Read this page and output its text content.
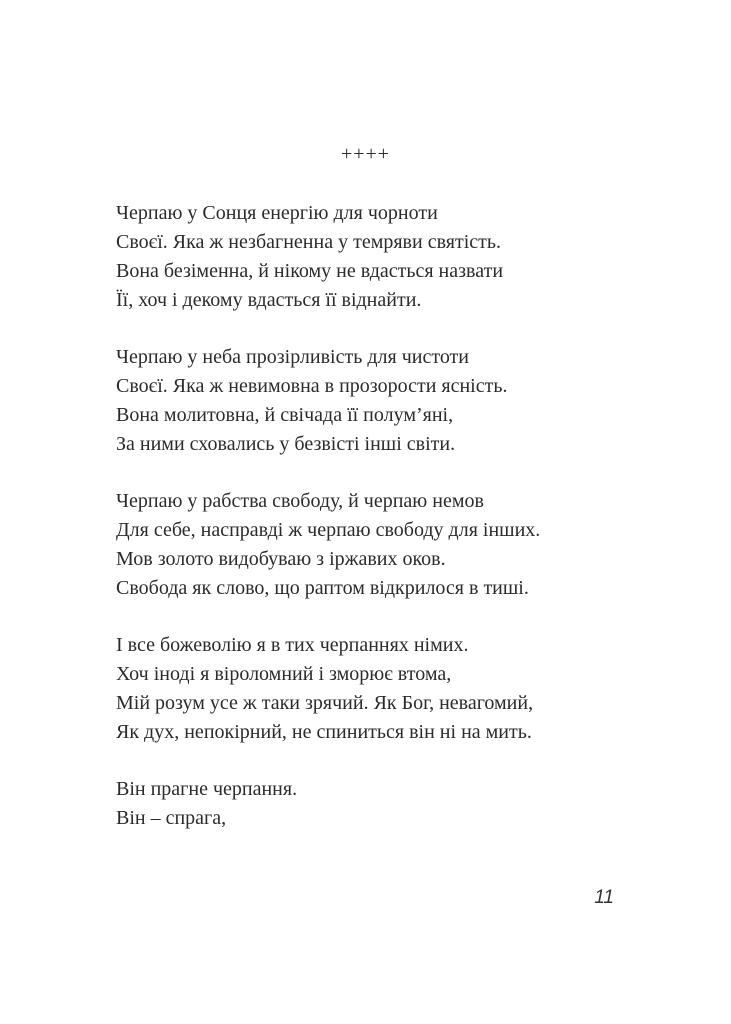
++++
Черпаю у Сонця енергію для чорноти
Своєї. Яка ж незбагненна у темряви святість.
Вона безіменна, й нікому не вдасться назвати
Її, хоч і декому вдасться її віднайти.
Черпаю у неба прозірливість для чистоти
Своєї. Яка ж невимовна в прозорости ясність.
Вона молитовна, й свічада її полум’яні,
За ними сховались у безвісті інші світи.
Черпаю у рабства свободу, й черпаю немов
Для себе, насправді ж черпаю свободу для інших.
Мов золото видобуваю з іржавих оков.
Свобода як слово, що раптом відкрилося в тиші.
І все божеволію я в тих черпаннях німих.
Хоч іноді я віроломний і зморює втома,
Мій розум усе ж таки зрячий. Як Бог, невагомий,
Як дух, непокірний, не спиниться він ні на мить.
Він прагне черпання.
Він – спрага,
11
